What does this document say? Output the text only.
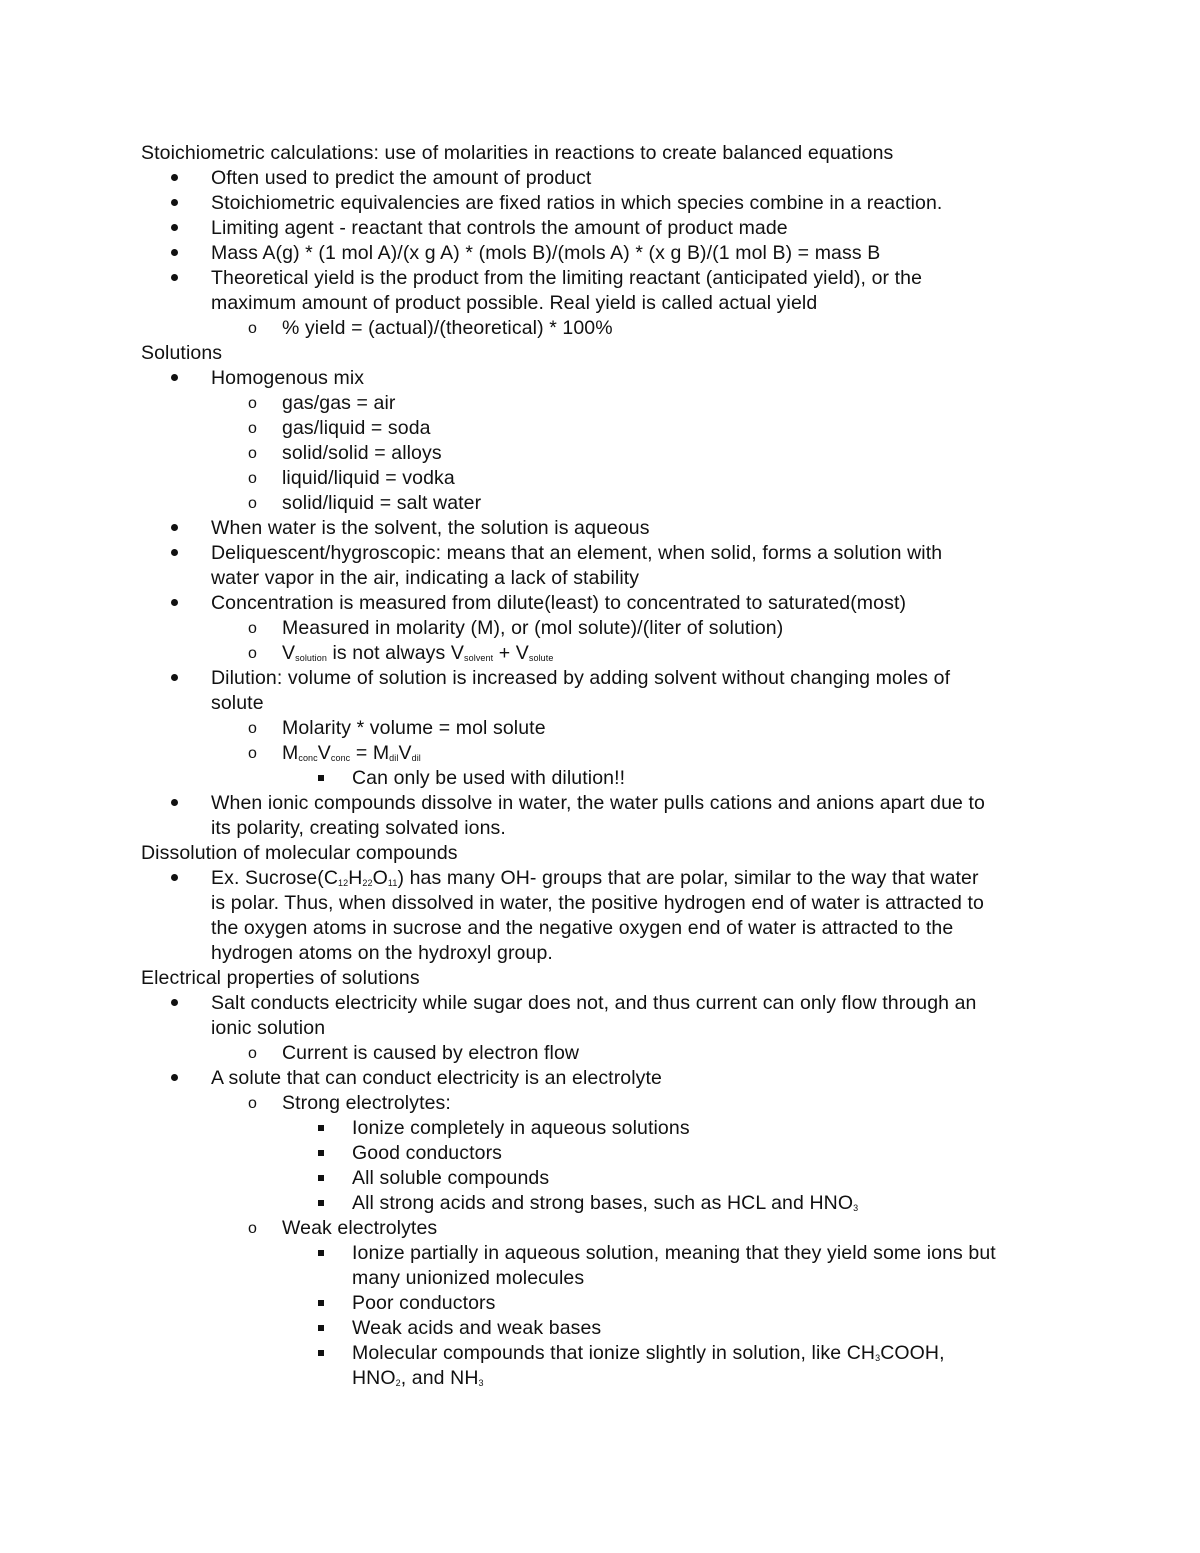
Stoichiometric calculations: use of molarities in reactions to create balanced equations
Often used to predict the amount of product
Stoichiometric equivalencies are fixed ratios in which species combine in a reaction.
Limiting agent - reactant that controls the amount of product made
Mass A(g) * (1 mol A)/(x g A) * (mols B)/(mols A) * (x g B)/(1 mol B) = mass B
Theoretical yield is the product from the limiting reactant (anticipated yield), or the
maximum amount of product possible. Real yield is called actual yield
o % yield = (actual)/(theoretical) * 100%
Solutions
Homogenous mix
o gas/gas = air
o gas/liquid = soda
o solid/solid = alloys
o liquid/liquid = vodka
o solid/liquid = salt water
When water is the solvent, the solution is aqueous
Deliquescent/hygroscopic: means that an element, when solid, forms a solution with
water vapor in the air, indicating a lack of stability
Concentration is measured from dilute(least) to concentrated to saturated(most)
o Measured in molarity (M), or (mol solute)/(liter of solution)
o $V_{solution}$ is not always $V_{solvent} + V_{solute}$
Dilution: volume of solution is increased by adding solvent without changing moles of
solute
o Molarity * volume = mol solute
o $M_{conc}V_{conc} = M_{dil}V_{dil}$
Can only be used with dilution!!
When ionic compounds dissolve in water, the water pulls cations and anions apart due to
its polarity, creating solvated ions.
Dissolution of molecular compounds
Ex. $Sucrose(C_{12}H_{22}O_{11})$ has many OH- groups that are polar, similar to the way that water
is polar. Thus, when dissolved in water, the positive hydrogen end of water is attracted to
the oxygen atoms in sucrose and the negative oxygen end of water is attracted to the
hydrogen atoms on the hydroxyl group.
Electrical properties of solutions
Salt conducts electricity while sugar does not, and thus current can only flow through an
ionic solution
o Current is caused by electron flow
A solute that can conduct electricity is an electrolyte
o Strong electrolytes:
Ionize completely in aqueous solutions
Good conductors
All soluble compounds
All strong acids and strong bases, such as HCL and $HNO_3$
o Weak electrolytes
Ionize partially in aqueous solution, meaning that they yield some ions but
many unionized molecules
Poor conductors
Weak acids and weak bases
Molecular compounds that ionize slightly in solution, like $CH_3COOH$,
$HNO_2$, and $NH_3$
